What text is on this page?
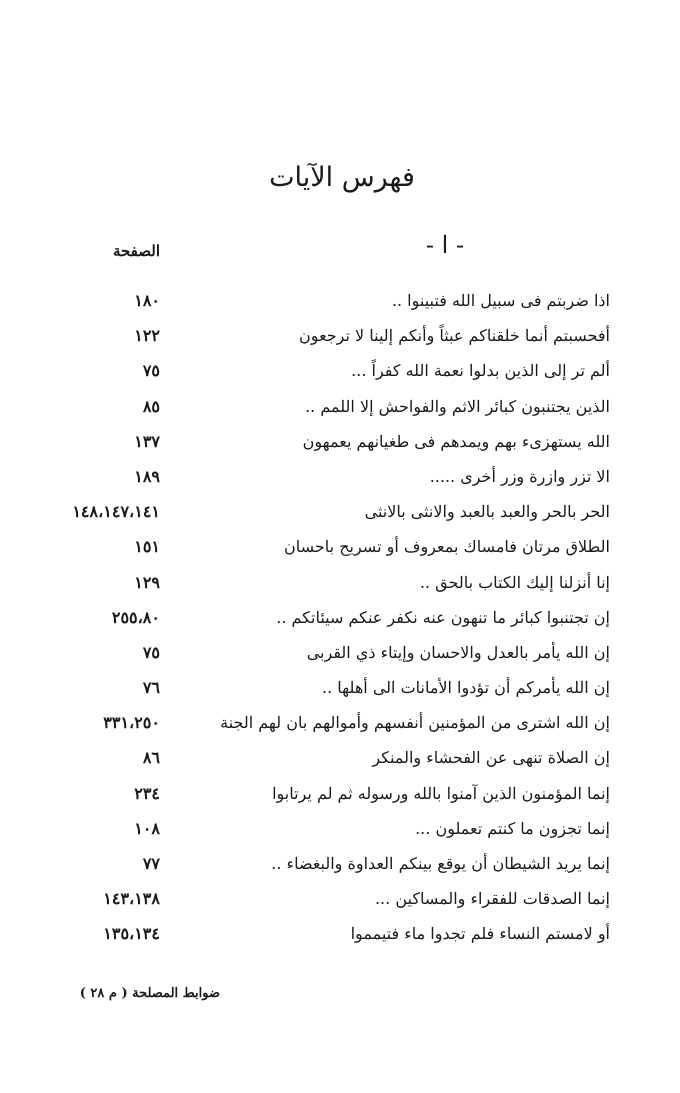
فهرس الآيات
- ا -
الصفحة
اذا ضربتم فى سبيل الله فتبينوا ..
١٨٠
أفحسبتم أنما خلقناكم عبثاً وأنكم إلينا لا ترجعون
١٢٢
ألم تر إلى الذين بدلوا نعمة الله كفراً ...
٧٥
الذين يجتنبون كبائر الاثم والفواحش إلا اللمم ..
٨٥
الله يستهزىء بهم ويمدهم فى طغيانهم يعمهون
١٣٧
الا تزر وازرة وزر أخرى .....
١٨٩
الحر بالحر والعبد بالعبد والانثى بالانثى
١٤٨،١٤٧،١٤١
الطلاق مرتان فامساك بمعروف أو تسريح باحسان
١٥١
إنا أنزلنا إليك الكتاب بالحق ..
١٢٩
إن تجتنبوا كبائر ما تنهون عنه نكفر عنكم سيئاتكم ..
٢٥٥،٨٠
إن الله يأمر بالعدل والاحسان وإيتاء ذي القربى
٧٥
إن الله يأمركم أن تؤدوا الأمانات الى أهلها ..
٧٦
إن الله اشترى من المؤمنين أنفسهم وأموالهم بان لهم الجنة
٣٣١،٢٥٠
إن الصلاة تنهى عن الفحشاء والمنكر
٨٦
إنما المؤمنون الذين آمنوا بالله ورسوله ثم لم يرتابوا
٢٣٤
إنما تجزون ما كنتم تعملون ...
١٠٨
إنما يريد الشيطان أن يوقع بينكم العداوة والبغضاء ..
٧٧
إنما الصدقات للفقراء والمساكين ...
١٤٣،١٣٨
أو لامستم النساء فلم تجدوا ماء فتيمموا
١٣٥،١٣٤
ضوابط المصلحة ( م ٢٨ )
